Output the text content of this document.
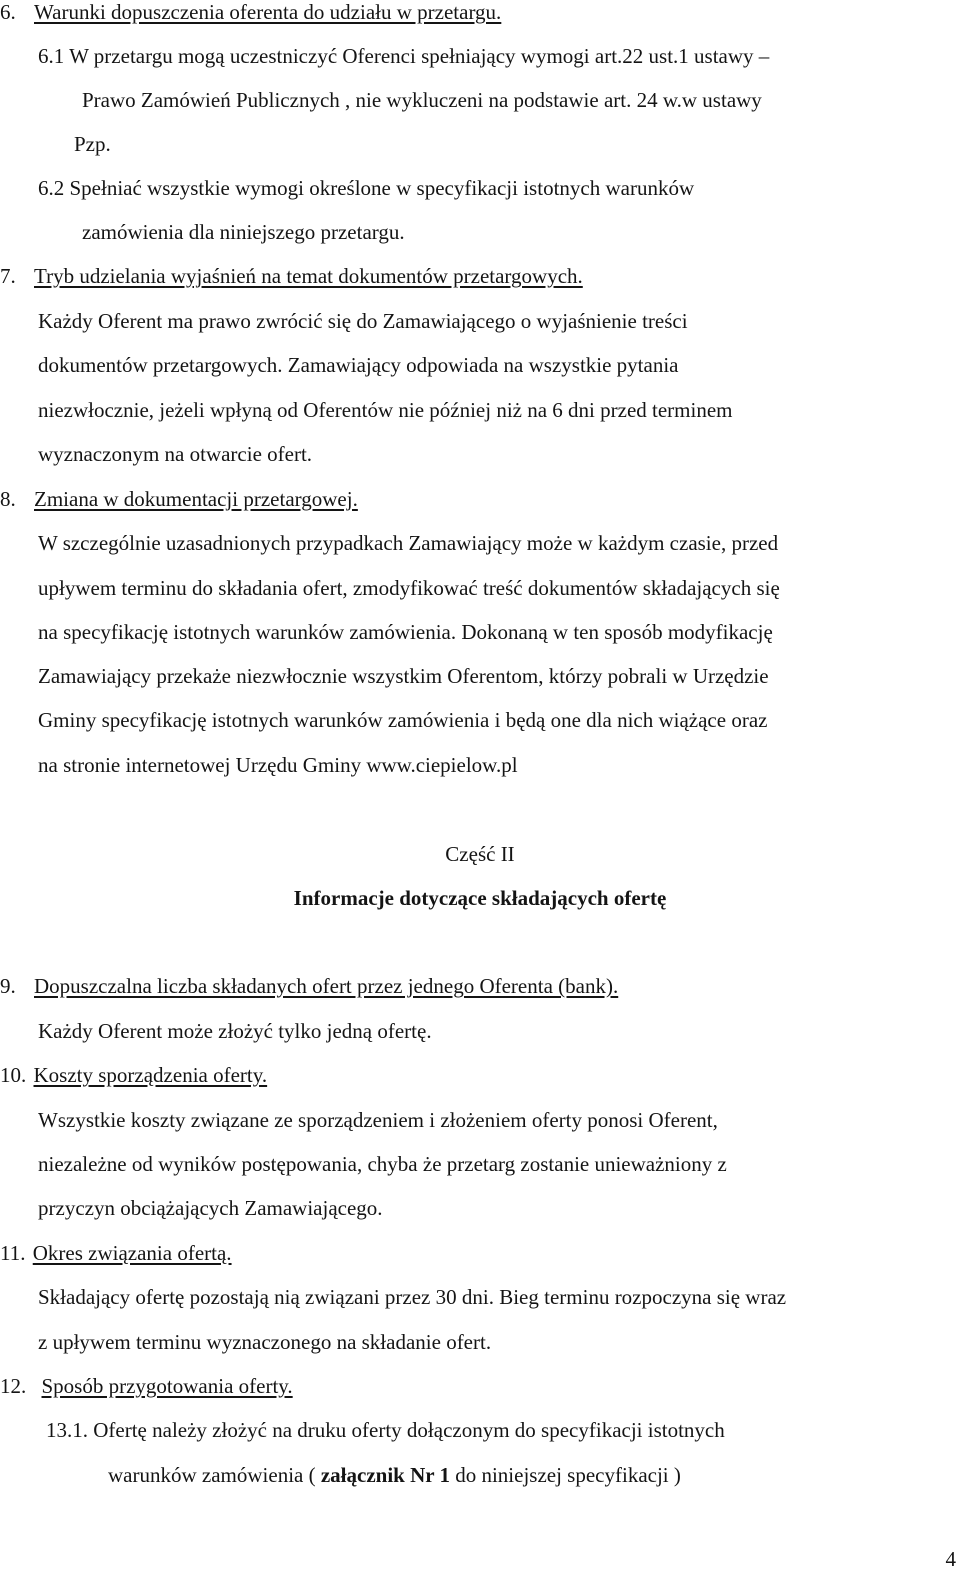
6. Warunki dopuszczenia oferenta do udziału w przetargu.
6.1 W przetargu mogą uczestniczyć Oferenci spełniający wymogi art.22 ust.1 ustawy –
Prawo Zamówień Publicznych , nie wykluczeni na podstawie art. 24 w.w ustawy
Pzp.
6.2 Spełniać wszystkie wymogi określone w specyfikacji istotnych warunków
zamówienia dla niniejszego przetargu.
7. Tryb udzielania wyjaśnień na temat dokumentów przetargowych.
Każdy Oferent ma prawo zwrócić się do Zamawiającego o wyjaśnienie treści
dokumentów przetargowych. Zamawiający odpowiada na wszystkie pytania
niezwłocznie, jeżeli wpłyną od Oferentów nie później niż na 6 dni przed terminem
wyznaczonym na otwarcie ofert.
8. Zmiana w dokumentacji przetargowej.
W szczególnie uzasadnionych przypadkach Zamawiający może w każdym czasie, przed
upływem terminu do składania ofert, zmodyfikować treść dokumentów składających się
na specyfikację istotnych warunków zamówienia. Dokonaną w ten sposób modyfikację
Zamawiający przekaże niezwłocznie wszystkim Oferentom, którzy pobrali w Urzędzie
Gminy specyfikację istotnych warunków zamówienia i będą one dla nich wiążące oraz
na stronie internetowej Urzędu Gminy www.ciepielow.pl
Część II
Informacje dotyczące składających ofertę
9. Dopuszczalna liczba składanych ofert przez jednego Oferenta (bank).
Każdy Oferent może złożyć tylko jedną ofertę.
10. Koszty sporządzenia oferty.
Wszystkie koszty związane ze sporządzeniem i złożeniem oferty ponosi Oferent,
niezależne od wyników postępowania, chyba że przetarg zostanie unieważniony z
przyczyn obciążających Zamawiającego.
11. Okres związania ofertą.
Składający ofertę pozostają nią związani przez 30 dni. Bieg terminu rozpoczyna się wraz
z upływem terminu wyznaczonego na składanie ofert.
12. Sposób przygotowania oferty.
13.1. Ofertę należy złożyć na druku oferty dołączonym do specyfikacji istotnych
warunków zamówienia ( załącznik Nr 1 do niniejszej specyfikacji )
4
